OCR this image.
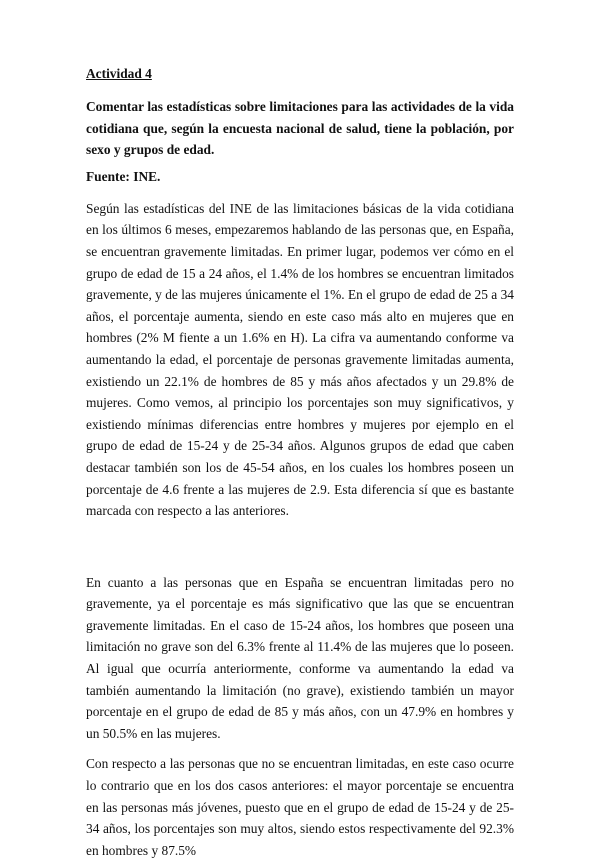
Actividad 4
Comentar las estadísticas sobre limitaciones para las actividades de la vida cotidiana que, según la encuesta nacional de salud, tiene la población, por sexo y grupos de edad.
Fuente: INE.

Según las estadísticas del INE de las limitaciones básicas de la vida cotidiana en los últimos 6 meses, empezaremos hablando de las personas que, en España, se encuentran gravemente limitadas. En primer lugar, podemos ver cómo en el grupo de edad de 15 a 24 años, el 1.4% de los hombres se encuentran limitados gravemente, y de las mujeres únicamente el 1%. En el grupo de edad de 25 a 34 años, el porcentaje aumenta, siendo en este caso más alto en mujeres que en hombres (2% M fiente a un 1.6% en H). La cifra va aumentando conforme va aumentando la edad, el porcentaje de personas gravemente limitadas aumenta, existiendo un 22.1% de hombres de 85 y más años afectados y un 29.8% de mujeres. Como vemos, al principio los porcentajes son muy significativos, y existiendo mínimas diferencias entre hombres y mujeres por ejemplo en el grupo de edad de 15-24 y de 25-34 años. Algunos grupos de edad que caben destacar también son los de 45-54 años, en los cuales los hombres poseen un porcentaje de 4.6 frente a las mujeres de 2.9. Esta diferencia sí que es bastante marcada con respecto a las anteriores.

En cuanto a las personas que en España se encuentran limitadas pero no gravemente, ya el porcentaje es más significativo que las que se encuentran gravemente limitadas. En el caso de 15-24 años, los hombres que poseen una limitación no grave son del 6.3% frente al 11.4% de las mujeres que lo poseen. Al igual que ocurría anteriormente, conforme va aumentando la edad va también aumentando la limitación (no grave), existiendo también un mayor porcentaje en el grupo de edad de 85 y más años, con un 47.9% en hombres y un 50.5% en las mujeres.

Con respecto a las personas que no se encuentran limitadas, en este caso ocurre lo contrario que en los dos casos anteriores: el mayor porcentaje se encuentra en las personas más jóvenes, puesto que en el grupo de edad de 15-24 y de 25-34 años, los porcentajes son muy altos, siendo estos respectivamente del 92.3% en hombres y 87.5%
